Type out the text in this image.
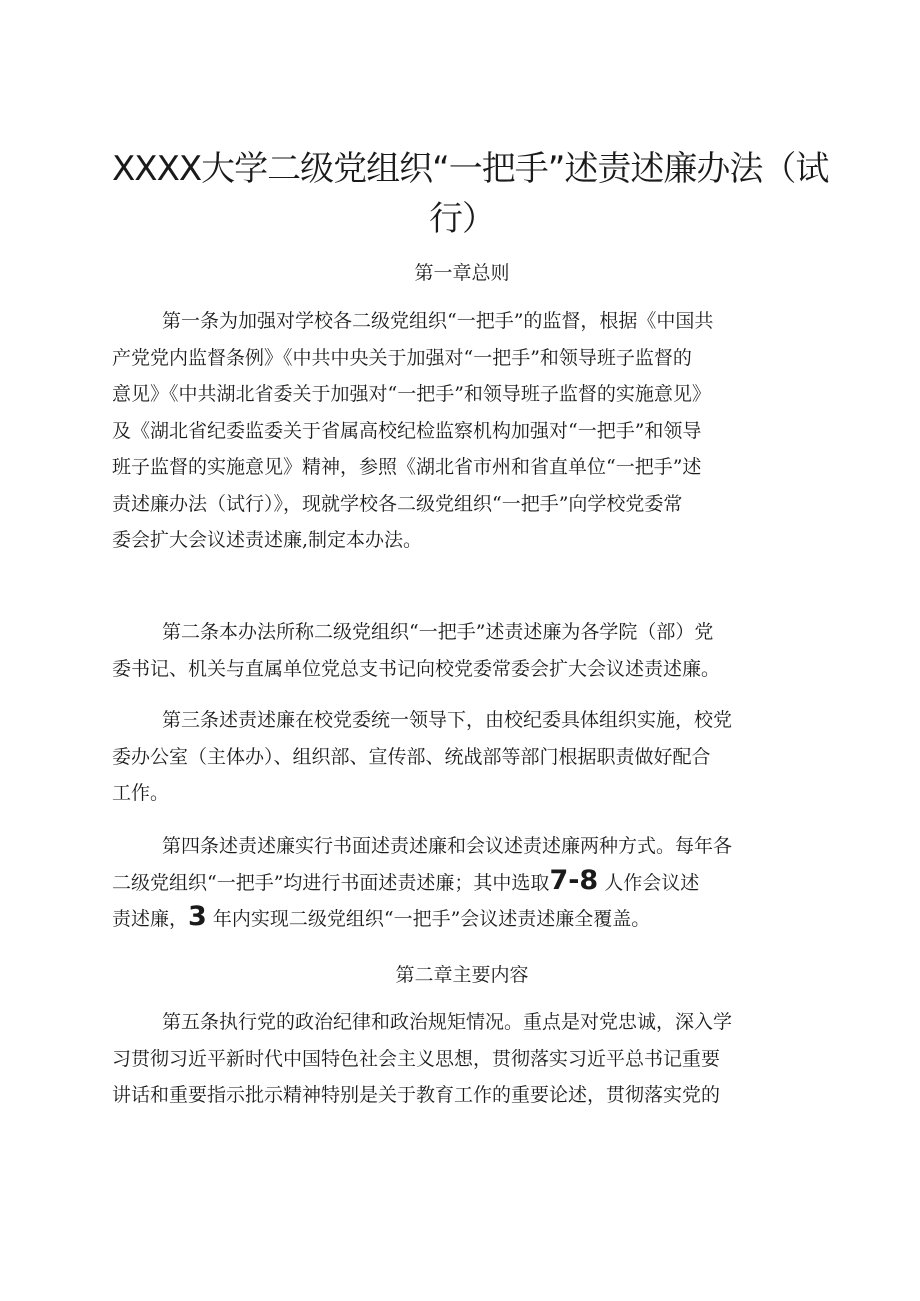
XXXX大学二级党组织“一把手”述责述廉办法（试
行）
第一章总则
第一条为加强对学校各二级党组织“一把手”的监督，根据《中国共
产党党内监督条例》《中共中央关于加强对“一把手”和领导班子监督的
意见》《中共湖北省委关于加强对“一把手”和领导班子监督的实施意见》
及《湖北省纪委监委关于省属高校纪检监察机构加强对“一把手”和领导
班子监督的实施意见》精神，参照《湖北省市州和省直单位“一把手”述
责述廉办法（试行）》，现就学校各二级党组织“一把手”向学校党委常
委会扩大会议述责述廉,制定本办法。
第二条本办法所称二级党组织“一把手”述责述廉为各学院（部）党
委书记、机关与直属单位党总支书记向校党委常委会扩大会议述责述廉。
第三条述责述廉在校党委统一领导下，由校纪委具体组织实施，校党
委办公室（主体办）、组织部、宣传部、统战部等部门根据职责做好配合
工作。
第四条述责述廉实行书面述责述廉和会议述责述廉两种方式。每年各
二级党组织“一把手”均进行书面述责述廉；其中选取7-8 人作会议述
责述廉，3 年内实现二级党组织“一把手”会议述责述廉全覆盖。
第二章主要内容
第五条执行党的政治纪律和政治规矩情况。重点是对党忠诚，深入学
习贯彻习近平新时代中国特色社会主义思想，贯彻落实习近平总书记重要
讲话和重要指示批示精神特别是关于教育工作的重要论述，贯彻落实党的
